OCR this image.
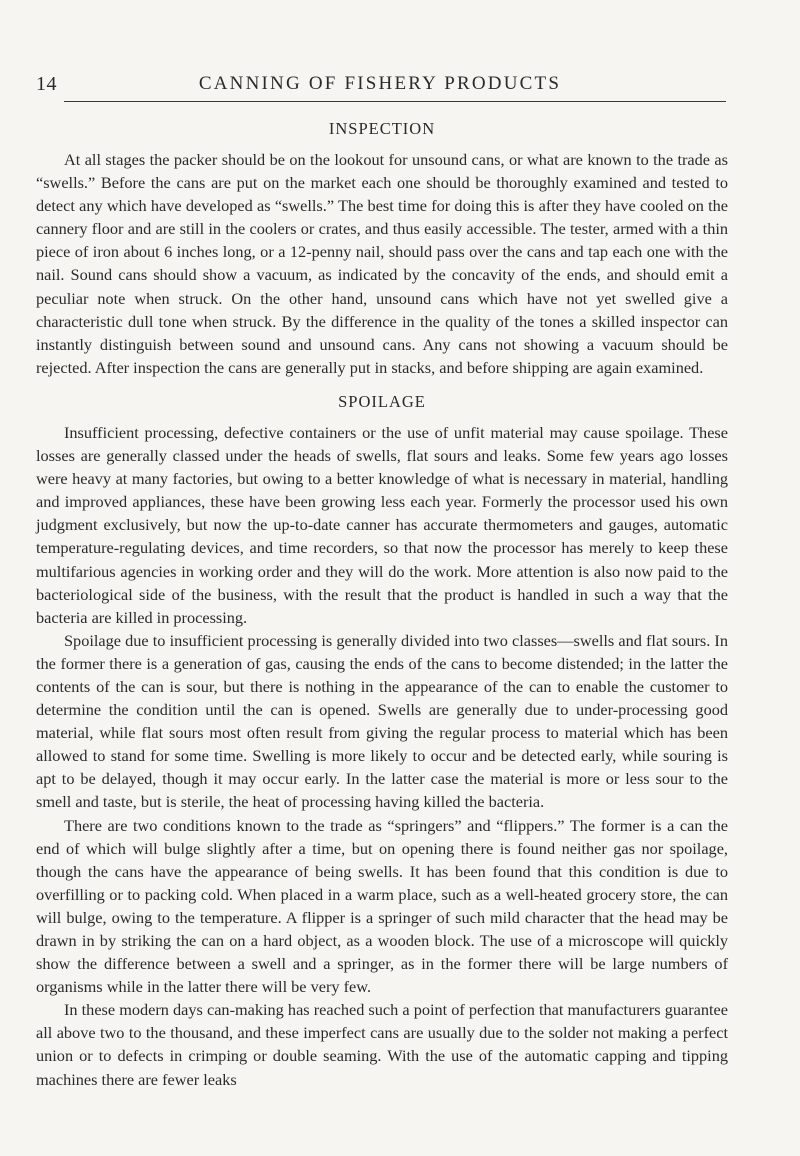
14	CANNING OF FISHERY PRODUCTS
INSPECTION

At all stages the packer should be on the lookout for unsound cans, or what are known to the trade as “swells.” Before the cans are put on the market each one should be thoroughly examined and tested to detect any which have developed as “swells.” The best time for doing this is after they have cooled on the cannery floor and are still in the coolers or crates, and thus easily accessible. The tester, armed with a thin piece of iron about 6 inches long, or a 12-penny nail, should pass over the cans and tap each one with the nail. Sound cans should show a vacuum, as indicated by the concavity of the ends, and should emit a peculiar note when struck. On the other hand, unsound cans which have not yet swelled give a characteristic dull tone when struck. By the difference in the quality of the tones a skilled inspector can instantly distinguish between sound and unsound cans. Any cans not showing a vacuum should be rejected. After inspection the cans are generally put in stacks, and before shipping are again examined.

SPOILAGE

Insufficient processing, defective containers or the use of unfit material may cause spoilage. These losses are generally classed under the heads of swells, flat sours and leaks. Some few years ago losses were heavy at many factories, but owing to a better knowledge of what is necessary in material, handling and improved appliances, these have been growing less each year. Formerly the processor used his own judgment exclusively, but now the up-to-date canner has accurate thermometers and gauges, automatic temperature-regulating devices, and time recorders, so that now the processor has merely to keep these multifarious agencies in working order and they will do the work. More attention is also now paid to the bacteriological side of the business, with the result that the product is handled in such a way that the bacteria are killed in processing.

Spoilage due to insufficient processing is generally divided into two classes—swells and flat sours. In the former there is a generation of gas, causing the ends of the cans to become distended; in the latter the contents of the can is sour, but there is nothing in the appearance of the can to enable the customer to determine the condition until the can is opened. Swells are generally due to under-processing good material, while flat sours most often result from giving the regular process to material which has been allowed to stand for some time. Swelling is more likely to occur and be detected early, while souring is apt to be delayed, though it may occur early. In the latter case the material is more or less sour to the smell and taste, but is sterile, the heat of processing having killed the bacteria.

There are two conditions known to the trade as “springers” and “flippers.” The former is a can the end of which will bulge slightly after a time, but on opening there is found neither gas nor spoilage, though the cans have the appearance of being swells. It has been found that this condition is due to overfilling or to packing cold. When placed in a warm place, such as a well-heated grocery store, the can will bulge, owing to the temperature. A flipper is a springer of such mild character that the head may be drawn in by striking the can on a hard object, as a wooden block. The use of a microscope will quickly show the difference between a swell and a springer, as in the former there will be large numbers of organisms while in the latter there will be very few.

In these modern days can-making has reached such a point of perfection that manufacturers guarantee all above two to the thousand, and these imperfect cans are usually due to the solder not making a perfect union or to defects in crimping or double seaming. With the use of the automatic capping and tipping machines there are fewer leaks
